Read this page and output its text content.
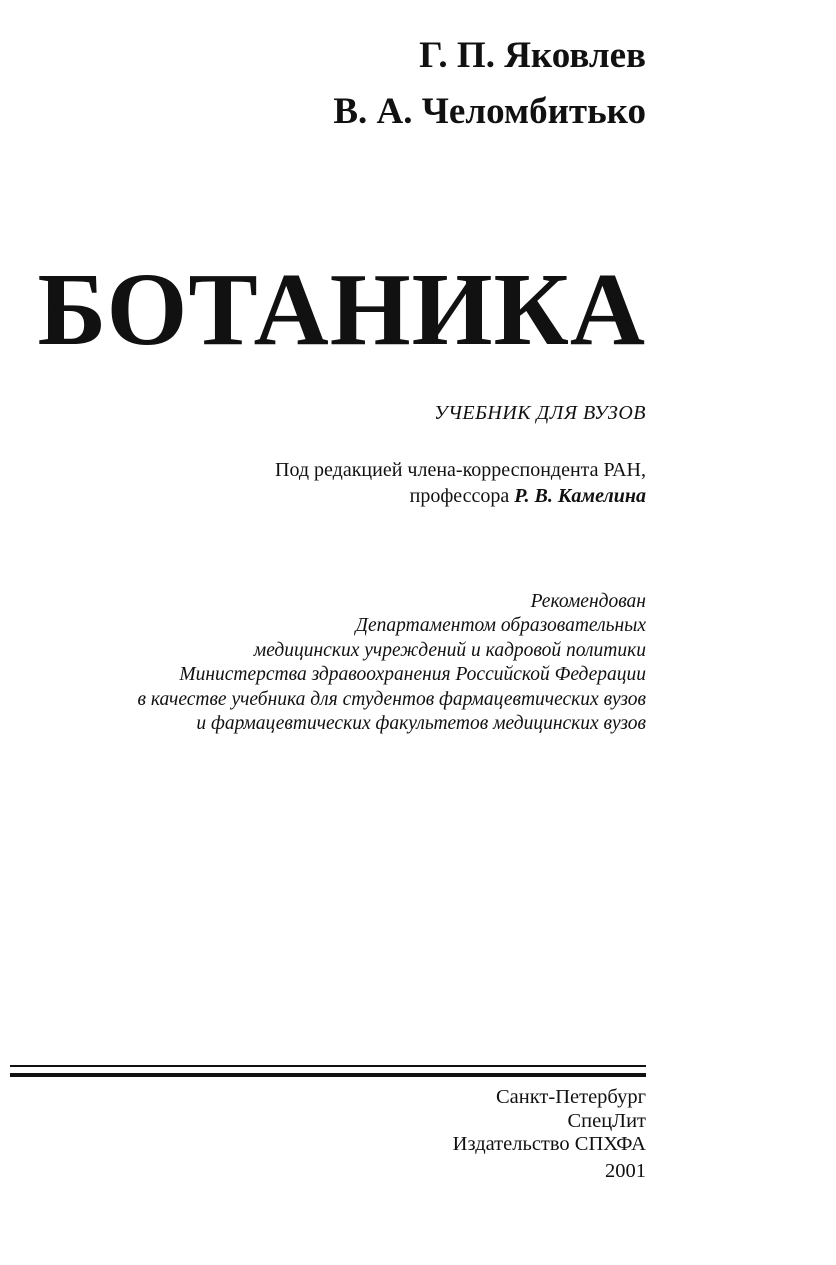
Г. П. Яковлев
В. А. Челомбитько
БОТАНИКА
УЧЕБНИК ДЛЯ ВУЗОВ
Под редакцией члена-корреспондента РАН,
профессора Р. В. Камелина
Рекомендован
Департаментом образовательных
медицинских учреждений и кадровой политики
Министерства здравоохранения Российской Федерации
в качестве учебника для студентов фармацевтических вузов
и фармацевтических факультетов медицинских вузов
Санкт-Петербург
СпецЛит
Издательство СПХФА
2001
